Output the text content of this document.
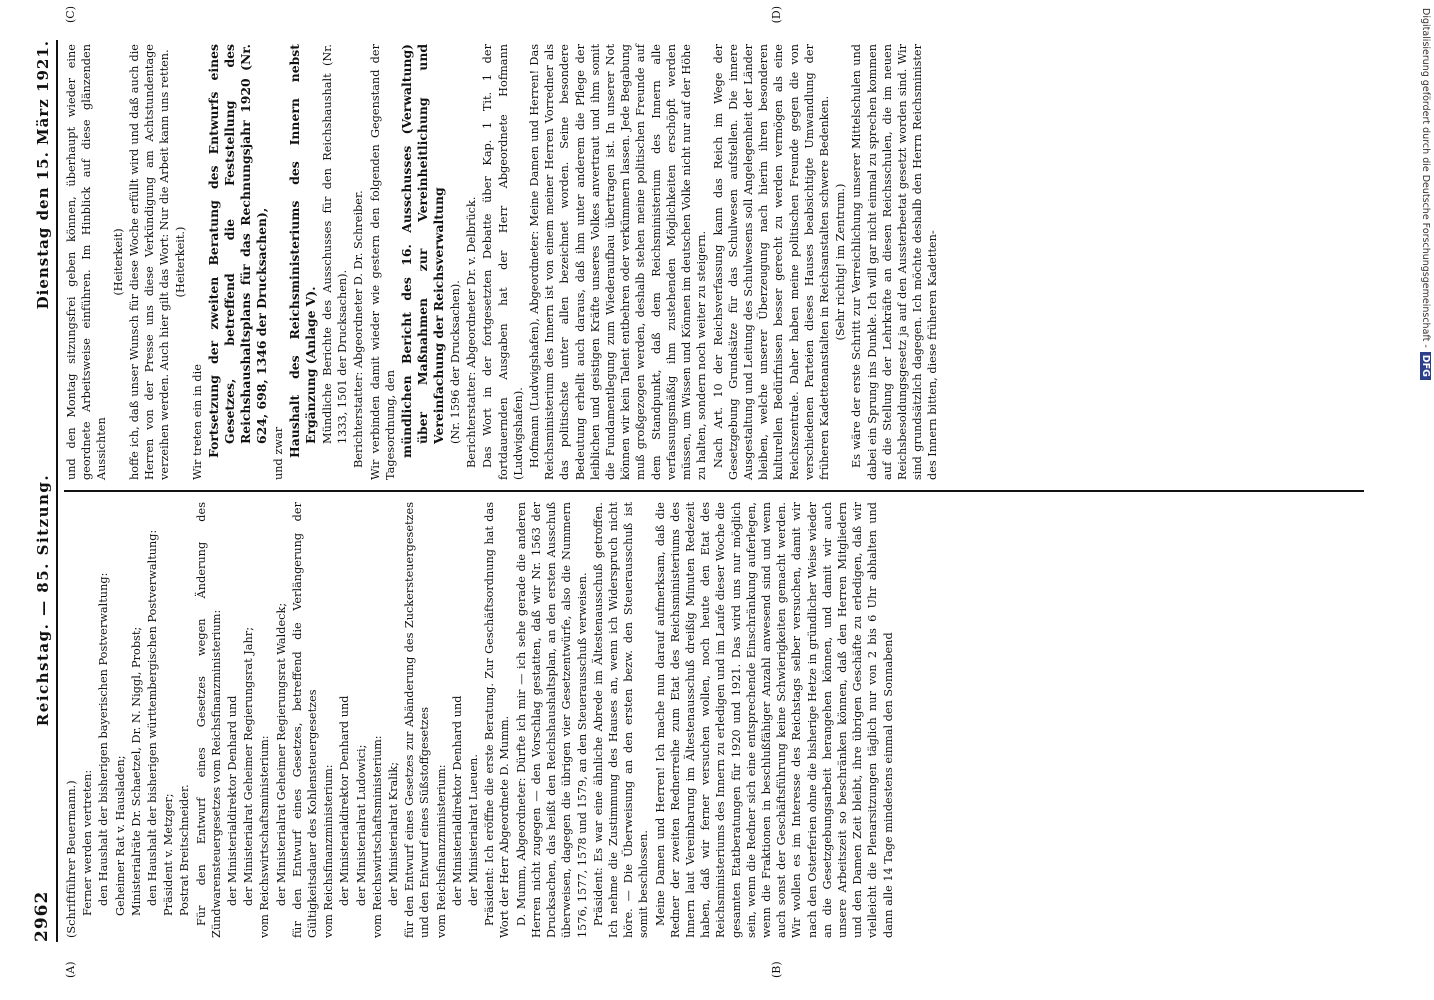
2962
Reichstag. — 85. Sitzung.
Dienstag den 15. März 1921.
(A)	(B)
(C)	(D)

(Schriftführer Beuermann.) Ferner werden vertreten: den Haushalt der bisherigen bayerischen Postverwaltung: Geheimer Rat v. Hausladen; Ministerialräte Dr. Schaetzel, Dr. N. Niggl, Probst; den Haushalt der bisherigen württembergischen Postverwaltung: Präsident v. Metzger; Postrat Breitschneider. Für den Entwurf eines Gesetzes wegen Änderung des Zündwarensteuergesetzes vom Reichsfinanzministerium: der Ministerialdirektor Denhard und der Ministerialrat Geheimer Regierungsrat Jahr; vom Reichswirtschaftsministerium: der Ministerialrat Geheimer Regierungsrat Waldeck; für den Entwurf eines Gesetzes, betreffend die Verlängerung der Gültigkeitsdauer des Kohlensteuergesetzes vom Reichsfinanzministerium: der Ministerialdirektor Denhard und der Ministerialrat Ludowici; vom Reichswirtschaftsministerium: der Ministerialrat Kralik; für den Entwurf eines Gesetzes zur Abänderung des Zuckersteuergesetzes und den Entwurf eines Süßstoffgesetzes vom Reichsfinanzministerium: der Ministerialdirektor Denhard und der Ministerialrat Lueuen. Präsident: Ich eröffne die erste Beratung. Zur Geschäftsordnung hat das Wort der Herr Abgeordnete D. Mumm. D. Mumm, Abgeordneter: Dürfte ich mir — ich sehe gerade die anderen Herren nicht zugegen — den Vorschlag gestatten, daß wir Nr. 1563 der Drucksachen, das heißt den Reichshaushaltsplan, an den ersten Ausschuß überweisen, dagegen die übrigen vier Gesetzentwürfe, also die Nummern 1576, 1577, 1578 und 1579, an den Steuerausschuß verweisen. Präsident: Es war eine ähnliche Abrede im Ältestenausschuß getroffen. Ich nehme die Zustimmung des Hauses an, wenn ich Widerspruch nicht höre. — Die Überweisung an den ersten bezw. den Steuerausschuß ist somit beschlossen. Meine Damen und Herren! Ich mache nun darauf aufmerksam, daß die Redner der zweiten Rednerreihe zum Etat des Reichsministeriums des Innern laut Vereinbarung im Ältestenausschuß dreißig Minuten Redezeit haben, daß wir ferner versuchen wollen, noch heute den Etat des Reichsministeriums des Innern zu erledigen und im Laufe dieser Woche die gesamten Etatberatungen für 1920 und 1921. Das wird uns nur möglich sein, wenn die Redner sich eine entsprechende Einschränkung auferlegen, wenn die Fraktionen in beschlußfähiger Anzahl anwesend sind und wenn auch sonst der Geschäftsführung keine Schwierigkeiten gemacht werden. Wir wollen es im Interesse des Reichstags selber versuchen, damit wir nach den Osterferien ohne die bisherige Hetze in gründlicher Weise wieder an die Gesetzgebungsarbeit herangehen können, und damit wir auch unsere Arbeitszeit so beschränken können, daß den Herren Mitgliedern und den Damen Zeit bleibt, ihre übrigen Geschäfte zu erledigen, daß wir vielleicht die Plenarsitzungen täglich nur von 2 bis 6 Uhr abhalten und dann alle 14 Tage mindestens einmal den Sonnabend

und den Montag sitzungsfrei geben können, überhaupt wieder eine geordnete Arbeitsweise einführen. Im Hinblick auf diese glänzenden Aussichten

(Heiterkeit) hoffe ich, daß unser Wunsch für diese Woche erfüllt wird und daß auch die Herren von der Presse uns diese Verkündigung am Achtstundentage verzeihen werden. Auch hier gilt das Wort: Nur die Arbeit kann uns retten. (Heiterkeit.)

Wir treten ein in die Fortsetzung der zweiten Beratung des Entwurfs eines Gesetzes, betreffend die Feststellung des Reichshaushaltsplans für das Rechnungsjahr 1920 (Nr. 624, 698, 1346 der Drucksachen),

und zwar Haushalt des Reichsministeriums des Innern nebst Ergänzung (Anlage V). Mündliche Berichte des Ausschusses für den Reichshaushalt (Nr. 1333, 1501 der Drucksachen). Berichterstatter: Abgeordneter D. Dr. Schreiber. Wir verbinden damit wieder wie gestern den folgenden Gegenstand der Tagesordnung, den mündlichen Bericht des 16. Ausschusses (Verwaltung) über Maßnahmen zur Vereinheitlichung und Vereinfachung der Reichsverwaltung (Nr. 1596 der Drucksachen). Berichterstatter: Abgeordneter Dr. v. Delbrück. Das Wort in der fortgesetzten Debatte über Kap. 1 Tit. 1 der fortdauernden Ausgaben hat der Herr Abgeordnete Hofmann (Ludwigshafen). Hofmann (Ludwigshafen), Abgeordneter: Meine Damen und Herren! Das Reichsministerium des Innern ist von einem meiner Herren Vorredner als das politischste unter allen bezeichnet worden. Seine besondere Bedeutung erhellt auch daraus, daß ihm unter anderem die Pflege der leiblichen und geistigen Kräfte unseres Volkes anvertraut und ihm somit die Fundamentlegung zum Wiederaufbau übertragen ist. In unserer Not können wir kein Talent entbehren oder verkümmern lassen. Jede Begabung muß großgezogen werden, deshalb stehen meine politischen Freunde auf dem Standpunkt, daß dem Reichsministerium des Innern alle verfassungsmäßig ihm zustehenden Möglichkeiten erschöpft werden müssen, um Wissen und Können im deutschen Volke nicht nur auf der Höhe zu halten, sondern noch weiter zu steigern. Nach Art. 10 der Reichsverfassung kann das Reich im Wege der Gesetzgebung Grundsätze für das Schulwesen aufstellen. Die innere Ausgestaltung und Leitung des Schulwesens soll Angelegenheit der Länder bleiben, welche unserer Überzeugung nach hierin ihren besonderen kulturellen Bedürfnissen besser gerecht zu werden vermögen als eine Reichszentrale. Daher haben meine politischen Freunde gegen die von verschiedenen Parteien dieses Hauses beabsichtigte Umwandlung der früheren Kadettenanstalten in Reichsanstalten schwere Bedenken. (Sehr richtig! im Zentrum.) Es wäre der erste Schritt zur Verreichlichung unserer Mittelschulen und dabei ein Sprung ins Dunkle. Ich will gar nicht einmal zu sprechen kommen auf die Stellung der Lehrkräfte an diesen Reichsschulen, die im neuen Reichsbesoldungsgesetz ja auf den Aussterbeetat gesetzt worden sind. Wir sind grundsätzlich dagegen. Ich möchte deshalb den Herrn Reichsminister des Innern bitten, diese früheren Kadetten-

Digitalisierung gefördert durch die Deutsche Forschungsgemeinschaft -DFG
